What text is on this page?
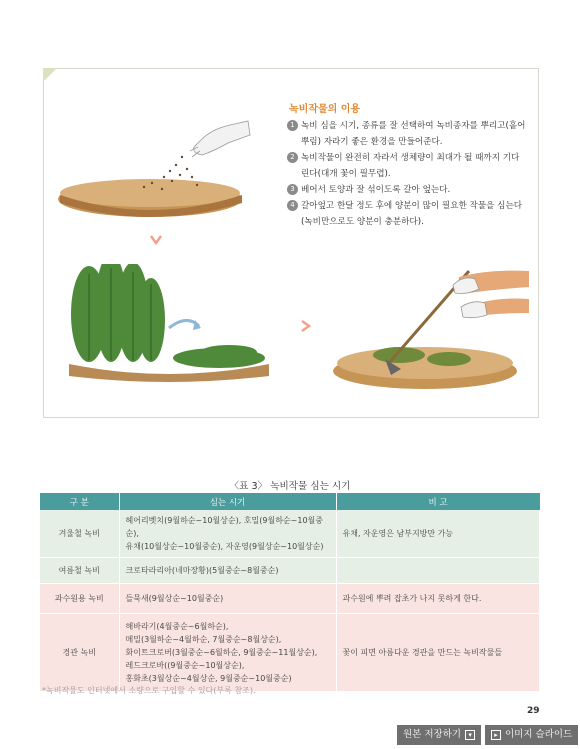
녹비작물의 이용
1 녹비 심을 시기, 종류를 잘 선택하여 녹비종자를 뿌리고(흩어뿌림) 자라기 좋은 환경을 만들어준다.
2 녹비작물이 완전히 자라서 생체량이 최대가 될 때까지 기다린다(대개 꽃이 필무렵).
3 베어서 토양과 잘 섞이도록 갈아 엎는다.
4 갈아엎고 한달 정도 후에 양분이 많이 필요한 작물을 심는다(녹비만으로도 양분이 충분하다).
〈표 3〉 녹비작물 심는 시기
구 분	심는 시기	비 고
겨울철 녹비	헤어리벳치(9월하순~10월상순), 호밀(9월하순~10월중순),
유채(10월상순~10월중순), 자운영(9월상순~10월상순)	유채, 자운영은 남부지방만 가능
여름철 녹비	크로타라리아(네마장황)(5월중순~8월중순)	

과수원용 녹비	들묵새(9월상순~10월중순)	과수원에 뿌려 잡초가 나지 못하게 한다.
경관 녹비	해바라기(4월중순~6월하순),
메밀(3월하순~4월하순, 7월중순~8월상순),
화이트크로버(3월중순~6월하순, 9월중순~11월상순),
레드크로바((9월중순~10월상순),
홍화초(3월상순~4월상순, 9월중순~10월중순)	꽃이 피면 아름다운 경관을 만드는 녹비작물들
*녹비작물도 인터넷에서 소량으로 구입할 수 있다(부록 참조).
29
원본 저장하기	▾	▸ 이미지 슬라이드
